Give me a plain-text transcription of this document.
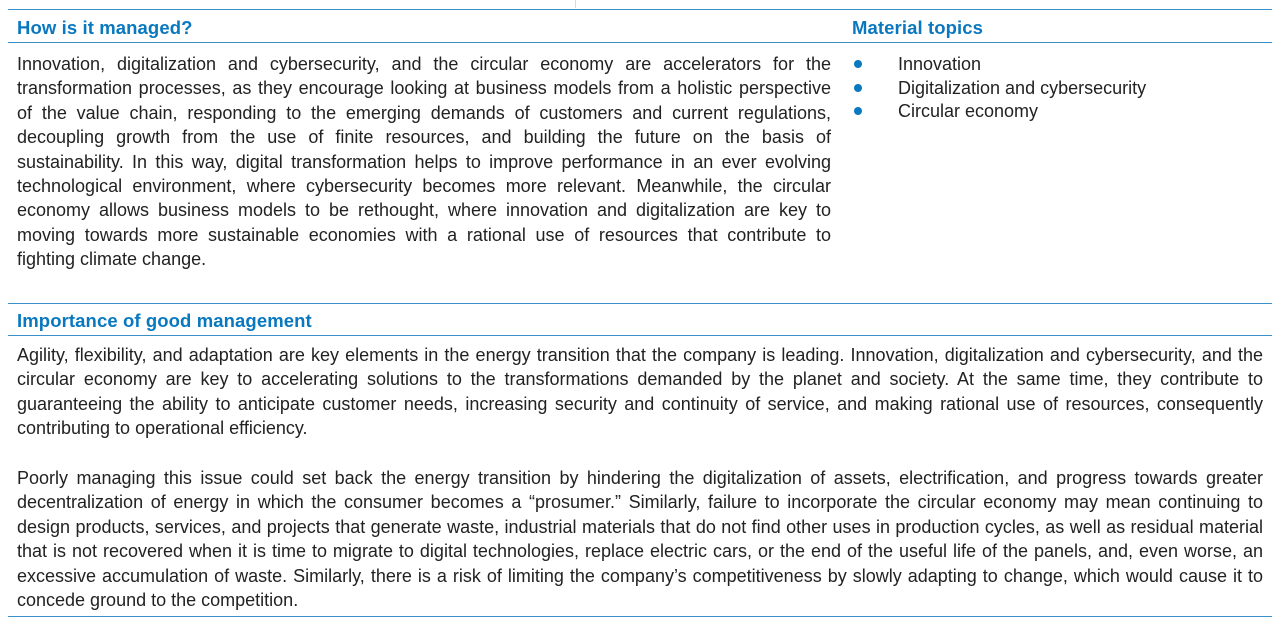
How is it managed?	Material topics
Innovation, digitalization and cybersecurity, and the circular economy are accelerators for the transformation processes, as they encourage looking at business models from a holistic perspective of the value chain, responding to the emerging demands of customers and current regulations, decoupling growth from the use of finite resources, and building the future on the basis of sustainability. In this way, digital transformation helps to improve performance in an ever evolving technological environment, where cybersecurity becomes more relevant. Meanwhile, the circular economy allows business models to be rethought, where innovation and digitalization are key to moving towards more sustainable economies with a rational use of resources that contribute to fighting climate change.
Innovation
Digitalization and cybersecurity
Circular economy
Importance of good management
Agility, flexibility, and adaptation are key elements in the energy transition that the company is leading. Innovation, digitalization and cybersecurity, and the circular economy are key to accelerating solutions to the transformations demanded by the planet and society. At the same time, they contribute to guaranteeing the ability to anticipate customer needs, increasing security and continuity of service, and making rational use of resources, consequently contributing to operational efficiency.
Poorly managing this issue could set back the energy transition by hindering the digitalization of assets, electrification, and progress towards greater decentralization of energy in which the consumer becomes a “prosumer.” Similarly, failure to incorporate the circular economy may mean continuing to design products, services, and projects that generate waste, industrial materials that do not find other uses in production cycles, as well as residual material that is not recovered when it is time to migrate to digital technologies, replace electric cars, or the end of the useful life of the panels, and, even worse, an excessive accumulation of waste. Similarly, there is a risk of limiting the company’s competitiveness by slowly adapting to change, which would cause it to concede ground to the competition.
